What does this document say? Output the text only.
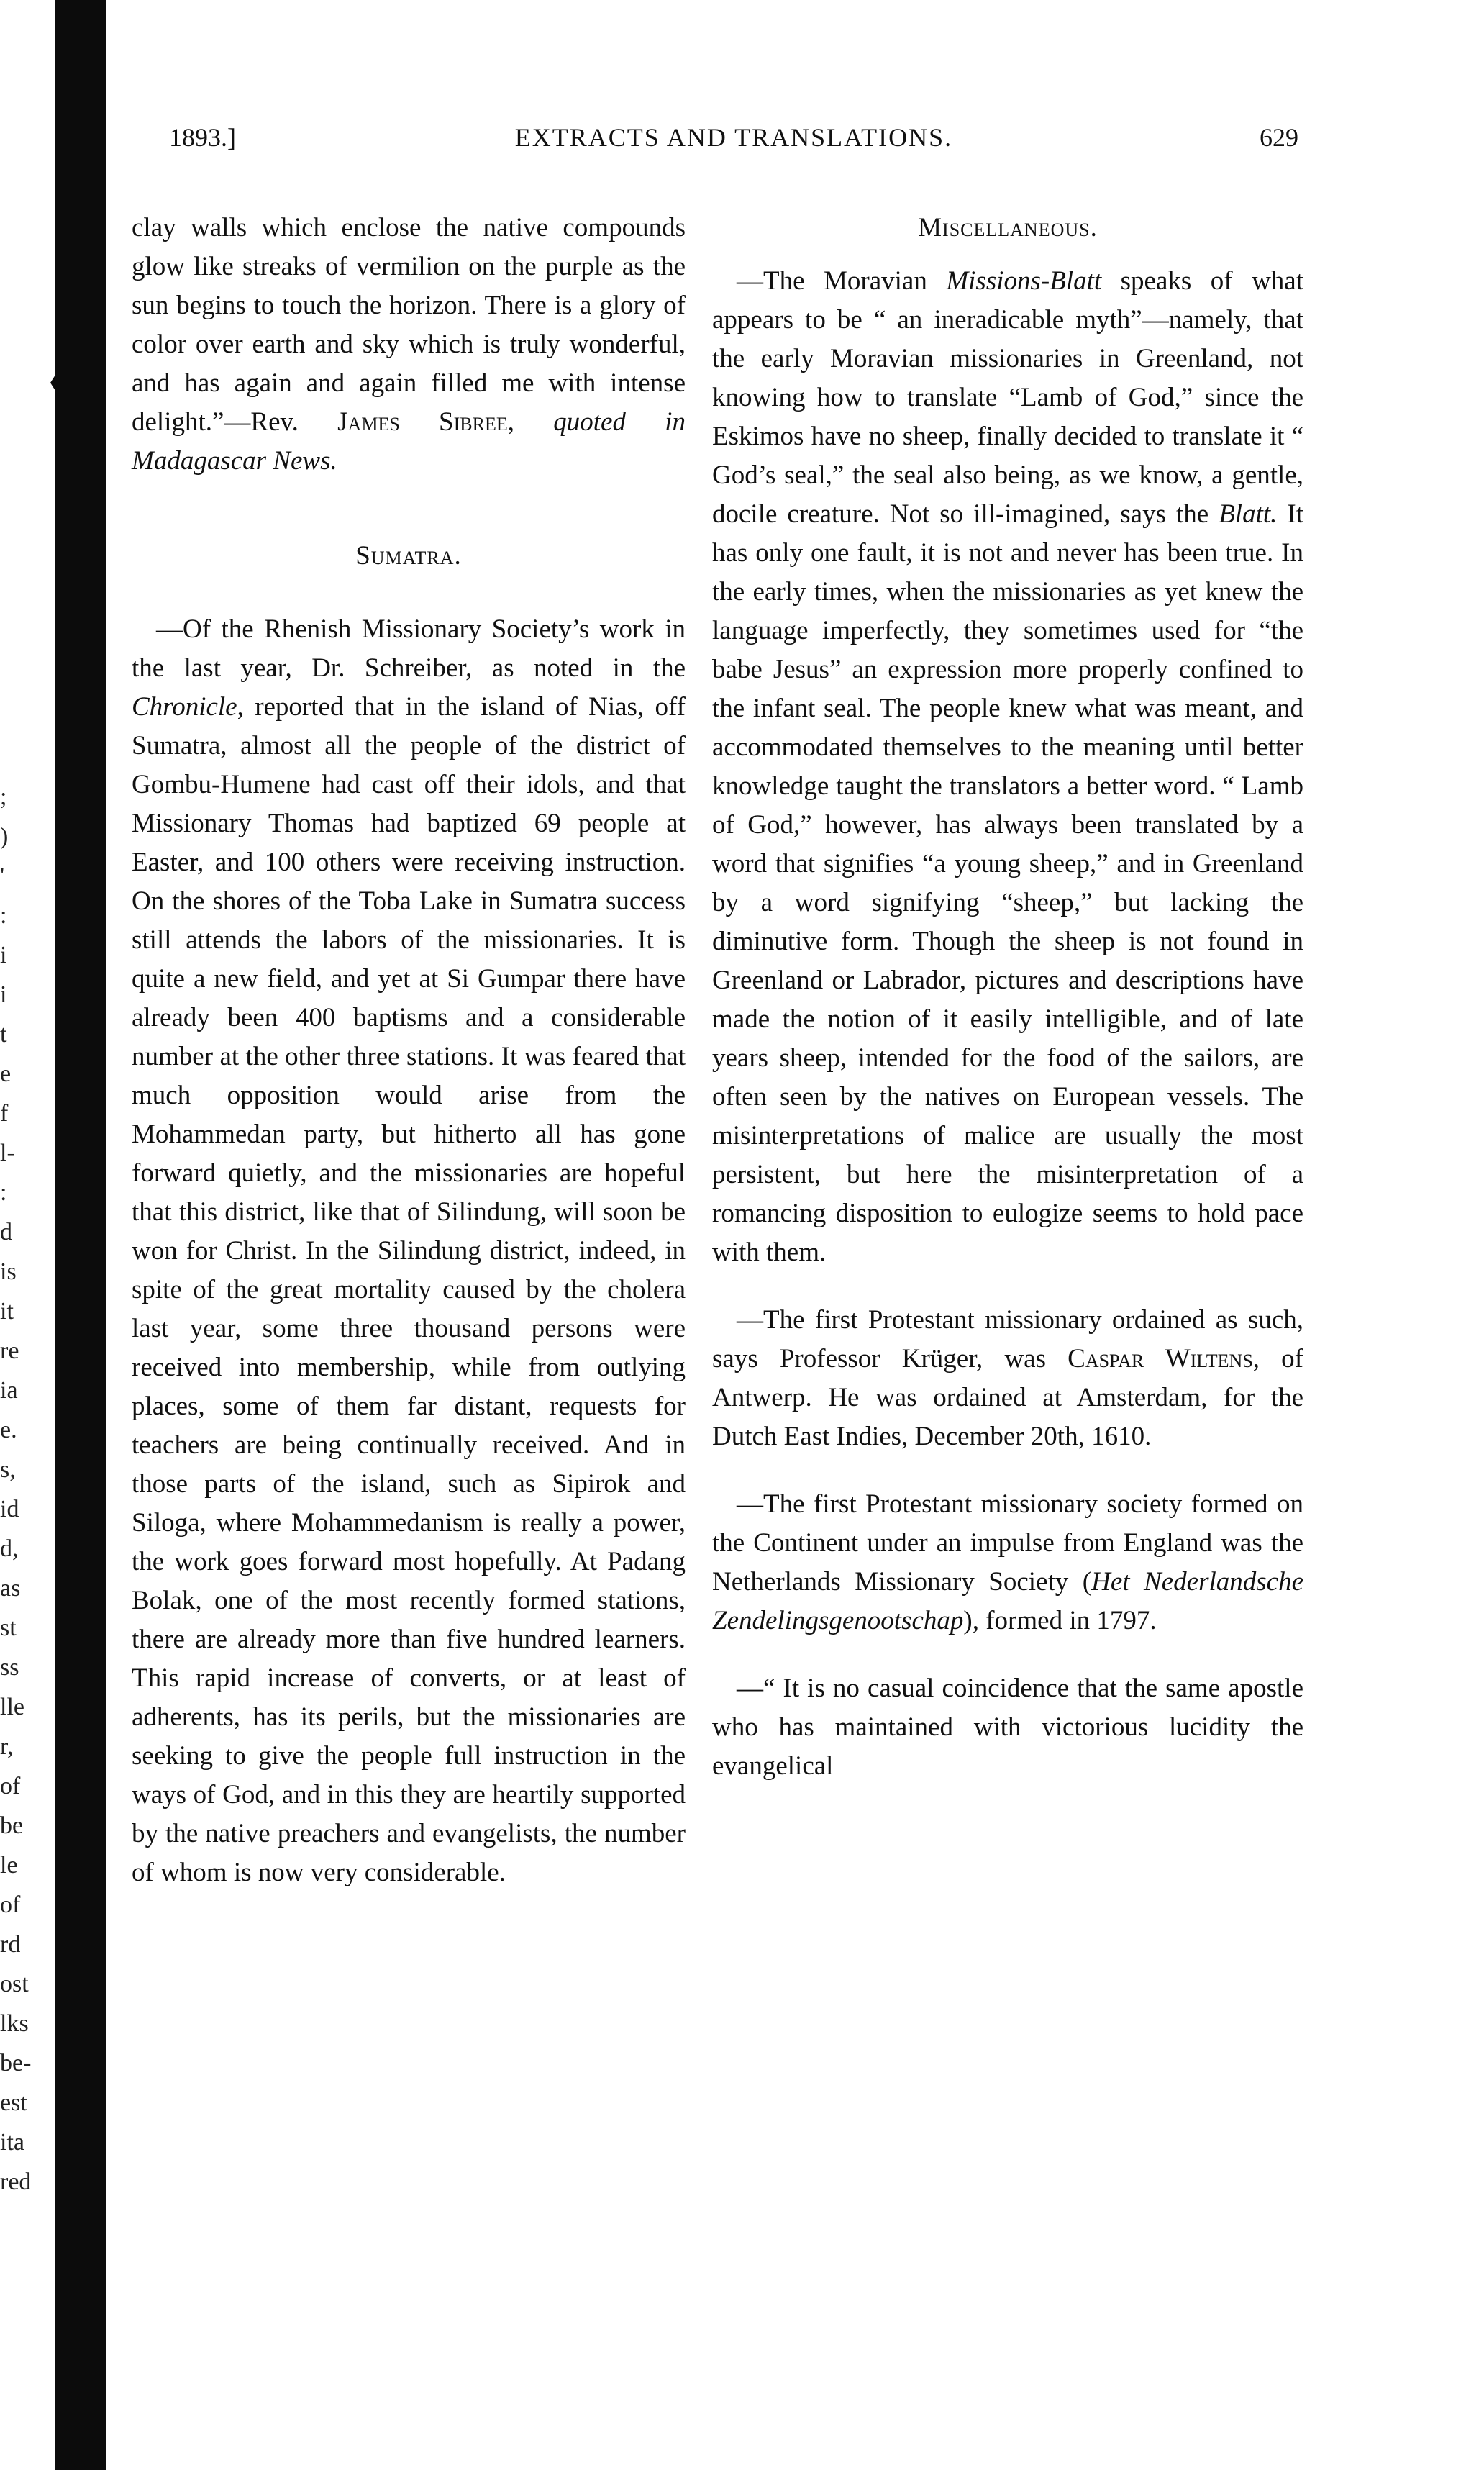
;
)
'
:
i
i
t
e
f
l-
:
d
is
it
re
ia
e.
s,
id
d,
as
st
ss
lle
r,
of
be
le
of
rd
ost
lks
be-
est
ita
red
1893.]	EXTRACTS AND TRANSLATIONS.	629

clay walls which enclose the native compounds glow like streaks of vermilion on the purple as the sun begins to touch the horizon. There is a glory of color over earth and sky which is truly wonderful, and has again and again filled me with intense delight.”—Rev. James Sibree, quoted in Madagascar News.

Sumatra.

—Of the Rhenish Missionary Society’s work in the last year, Dr. Schreiber, as noted in the Chronicle, reported that in the island of Nias, off Sumatra, almost all the people of the district of Gombu-Humene had cast off their idols, and that Missionary Thomas had baptized 69 people at Easter, and 100 others were receiving instruction. On the shores of the Toba Lake in Sumatra success still attends the labors of the missionaries. It is quite a new field, and yet at Si Gumpar there have already been 400 baptisms and a considerable number at the other three stations. It was feared that much opposition would arise from the Mohammedan party, but hitherto all has gone forward quietly, and the missionaries are hopeful that this district, like that of Silindung, will soon be won for Christ. In the Silindung district, indeed, in spite of the great mortality caused by the cholera last year, some three thousand persons were received into membership, while from outlying places, some of them far distant, requests for teachers are being continually received. And in those parts of the island, such as Sipirok and Siloga, where Mohammedanism is really a power, the work goes forward most hopefully. At Padang Bolak, one of the most recently formed stations, there are already more than five hundred learners. This rapid increase of converts, or at least of adherents, has its perils, but the missionaries are seeking to give the people full instruction in the ways of God, and in this they are heartily supported by the native preachers and evangelists, the number of whom is now very considerable.

Miscellaneous.

—The Moravian Missions-Blatt speaks of what appears to be “ an ineradicable myth”—namely, that the early Moravian missionaries in Greenland, not knowing how to translate “Lamb of God,” since the Eskimos have no sheep, finally decided to translate it “ God’s seal,” the seal also being, as we know, a gentle, docile creature. Not so ill-imagined, says the Blatt. It has only one fault, it is not and never has been true. In the early times, when the missionaries as yet knew the language imperfectly, they sometimes used for “the babe Jesus” an expression more properly confined to the infant seal. The people knew what was meant, and accommodated themselves to the meaning until better knowledge taught the translators a better word. “ Lamb of God,” however, has always been translated by a word that signifies “a young sheep,” and in Greenland by a word signifying “sheep,” but lacking the diminutive form. Though the sheep is not found in Greenland or Labrador, pictures and descriptions have made the notion of it easily intelligible, and of late years sheep, intended for the food of the sailors, are often seen by the natives on European vessels. The misinterpretations of malice are usually the most persistent, but here the misinterpretation of a romancing disposition to eulogize seems to hold pace with them.

—The first Protestant missionary ordained as such, says Professor Krüger, was Caspar Wiltens, of Antwerp. He was ordained at Amsterdam, for the Dutch East Indies, December 20th, 1610.

—The first Protestant missionary society formed on the Continent under an impulse from England was the Netherlands Missionary Society (Het Nederlandsche Zendelingsgenootschap), formed in 1797.

—“ It is no casual coincidence that the same apostle who has maintained with victorious lucidity the evangelical
